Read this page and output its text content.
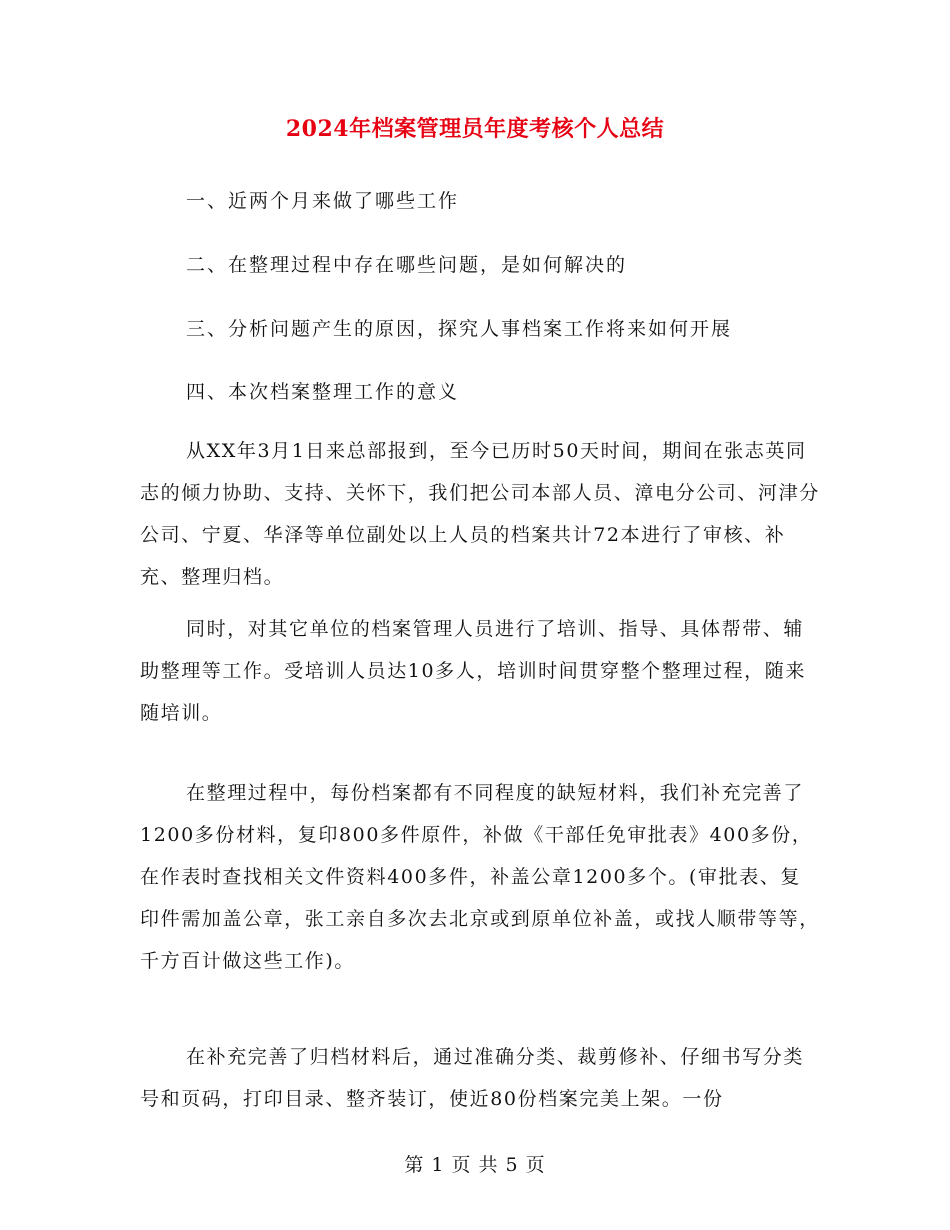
2024年档案管理员年度考核个人总结
一、近两个月来做了哪些工作
二、在整理过程中存在哪些问题，是如何解决的
三、分析问题产生的原因，探究人事档案工作将来如何开展
四、本次档案整理工作的意义

从XX年3月1日来总部报到，至今已历时50天时间，期间在张志英同志的倾力协助、支持、关怀下，我们把公司本部人员、漳电分公司、河津分公司、宁夏、华泽等单位副处以上人员的档案共计72本进行了审核、补充、整理归档。

同时，对其它单位的档案管理人员进行了培训、指导、具体帮带、辅助整理等工作。受培训人员达10多人，培训时间贯穿整个整理过程，随来随培训。

在整理过程中，每份档案都有不同程度的缺短材料，我们补充完善了1200多份材料，复印800多件原件，补做《干部任免审批表》400多份，在作表时查找相关文件资料400多件，补盖公章1200多个。(审批表、复印件需加盖公章，张工亲自多次去北京或到原单位补盖，或找人顺带等等，千方百计做这些工作)。

在补充完善了归档材料后，通过准确分类、裁剪修补、仔细书写分类号和页码，打印目录、整齐装订，使近80份档案完美上架。一份

第 1 页 共 5 页
